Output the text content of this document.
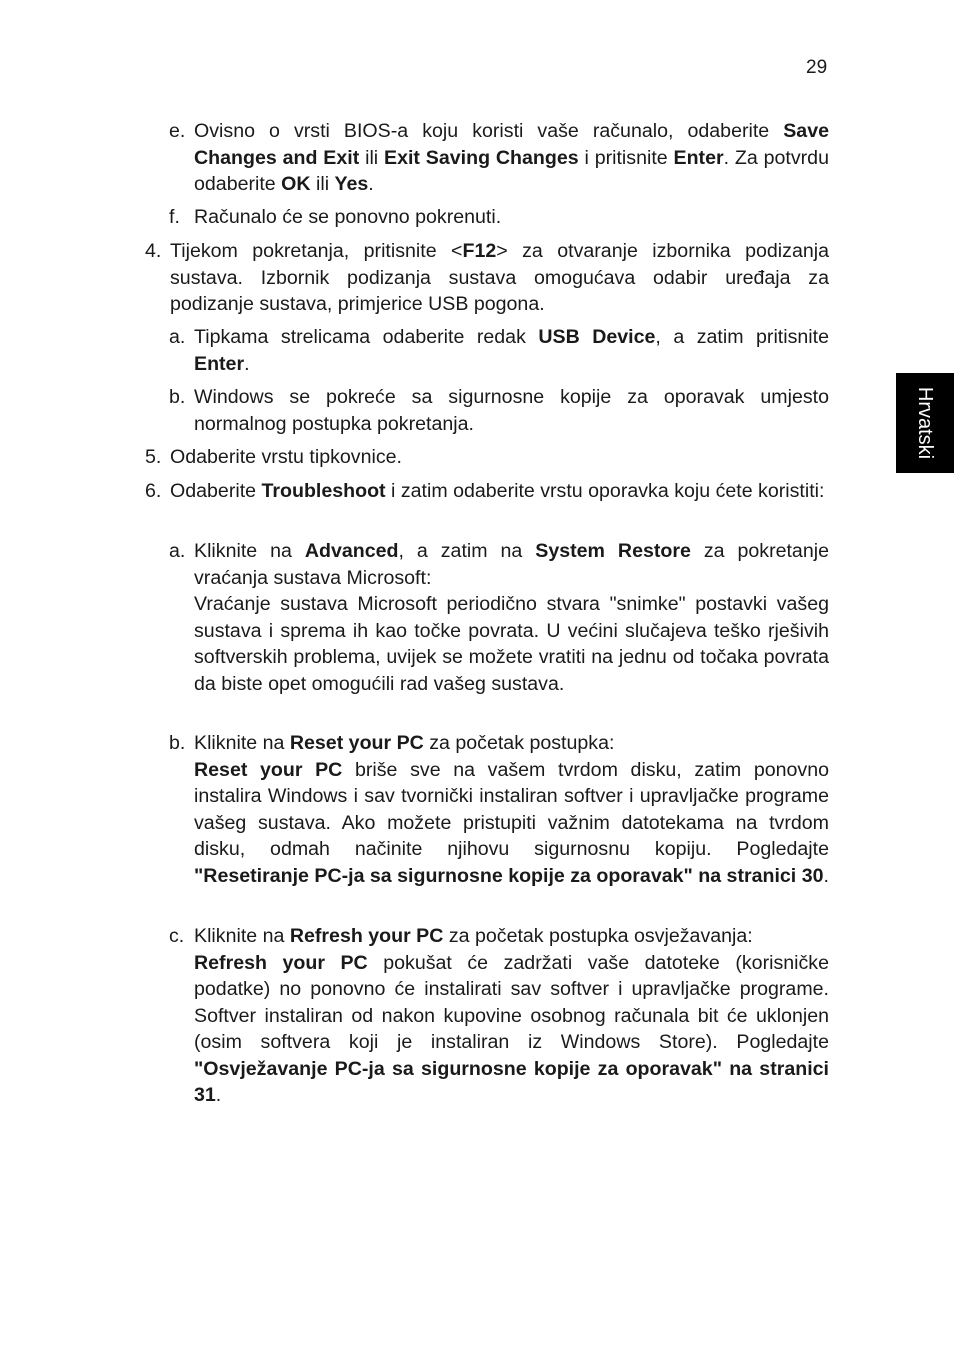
29
Hrvatski
e. Ovisno o vrsti BIOS-a koju koristi vaše računalo, odaberite Save Changes and Exit ili Exit Saving Changes i pritisnite Enter. Za potvrdu odaberite OK ili Yes.
f. Računalo će se ponovno pokrenuti.
4. Tijekom pokretanja, pritisnite <F12> za otvaranje izbornika podizanja sustava. Izbornik podizanja sustava omogućava odabir uređaja za podizanje sustava, primjerice USB pogona.
a. Tipkama strelicama odaberite redak USB Device, a zatim pritisnite Enter.
b. Windows se pokreće sa sigurnosne kopije za oporavak umjesto normalnog postupka pokretanja.
5. Odaberite vrstu tipkovnice.
6. Odaberite Troubleshoot i zatim odaberite vrstu oporavka koju ćete koristiti:
a. Kliknite na Advanced, a zatim na System Restore za pokretanje vraćanja sustava Microsoft:
Vraćanje sustava Microsoft periodično stvara "snimke" postavki vašeg sustava i sprema ih kao točke povrata. U većini slučajeva teško rješivih softverskih problema, uvijek se možete vratiti na jednu od točaka povrata da biste opet omogućili rad vašeg sustava.
b. Kliknite na Reset your PC za početak postupka:
Reset your PC briše sve na vašem tvrdom disku, zatim ponovno instalira Windows i sav tvornički instaliran softver i upravljačke programe vašeg sustava. Ako možete pristupiti važnim datotekama na tvrdom disku, odmah načinite njihovu sigurnosnu kopiju. Pogledajte "Resetiranje PC-ja sa sigurnosne kopije za oporavak" na stranici 30.
c. Kliknite na Refresh your PC za početak postupka osvježavanja:
Refresh your PC pokušat će zadržati vaše datoteke (korisničke podatke) no ponovno će instalirati sav softver i upravljačke programe. Softver instaliran od nakon kupovine osobnog računala bit će uklonjen (osim softvera koji je instaliran iz Windows Store). Pogledajte "Osvježavanje PC-ja sa sigurnosne kopije za oporavak" na stranici 31.
